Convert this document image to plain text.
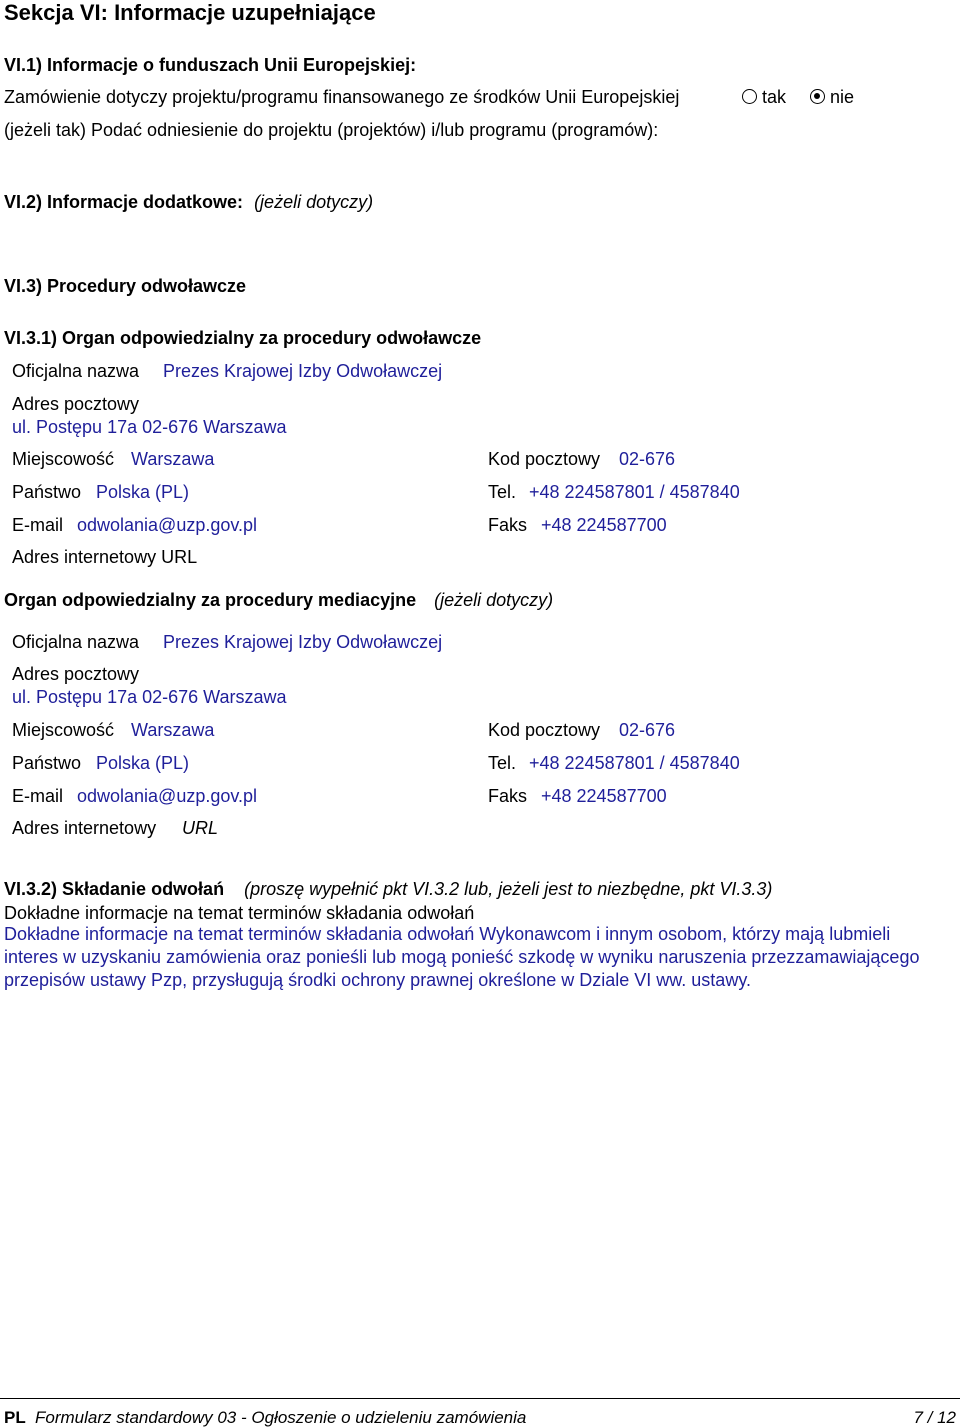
Sekcja VI: Informacje uzupełniające
VI.1) Informacje o funduszach Unii Europejskiej:
Zamówienie dotyczy projektu/programu finansowanego ze środków Unii Europejskiej	tak nie
(jeżeli tak) Podać odniesienie do projektu (projektów) i/lub programu (programów):
VI.2) Informacje dodatkowe: (jeżeli dotyczy)
VI.3) Procedury odwoławcze
VI.3.1) Organ odpowiedzialny za procedury odwoławcze
Oficjalna nazwa Prezes Krajowej Izby Odwoławczej
Adres pocztowy
ul. Postępu 17a 02-676 Warszawa
Miejscowość Warszawa	Kod pocztowy 02-676
Państwo Polska (PL)	Tel. +48 224587801 / 4587840
E-mail odwolania@uzp.gov.pl	Faks +48 224587700
Adres internetowy URL
Organ odpowiedzialny za procedury mediacyjne (jeżeli dotyczy)
Oficjalna nazwa Prezes Krajowej Izby Odwoławczej
Adres pocztowy
ul. Postępu 17a 02-676 Warszawa
Miejscowość Warszawa	Kod pocztowy 02-676
Państwo Polska (PL)	Tel. +48 224587801 / 4587840
E-mail odwolania@uzp.gov.pl	Faks +48 224587700
Adres internetowy URL
VI.3.2) Składanie odwołań (proszę wypełnić pkt VI.3.2 lub, jeżeli jest to niezbędne, pkt VI.3.3)
Dokładne informacje na temat terminów składania odwołań
Dokładne informacje na temat terminów składania odwołań Wykonawcom i innym osobom, którzy mają lubmieli interes w uzyskaniu zamówienia oraz ponieśli lub mogą ponieść szkodę w wyniku naruszenia przezzamawiającego przepisów ustawy Pzp, przysługują środki ochrony prawnej określone w Dziale VI ww. ustawy.
PL Formularz standardowy 03 - Ogłoszenie o udzieleniu zamówienia	7 / 12
